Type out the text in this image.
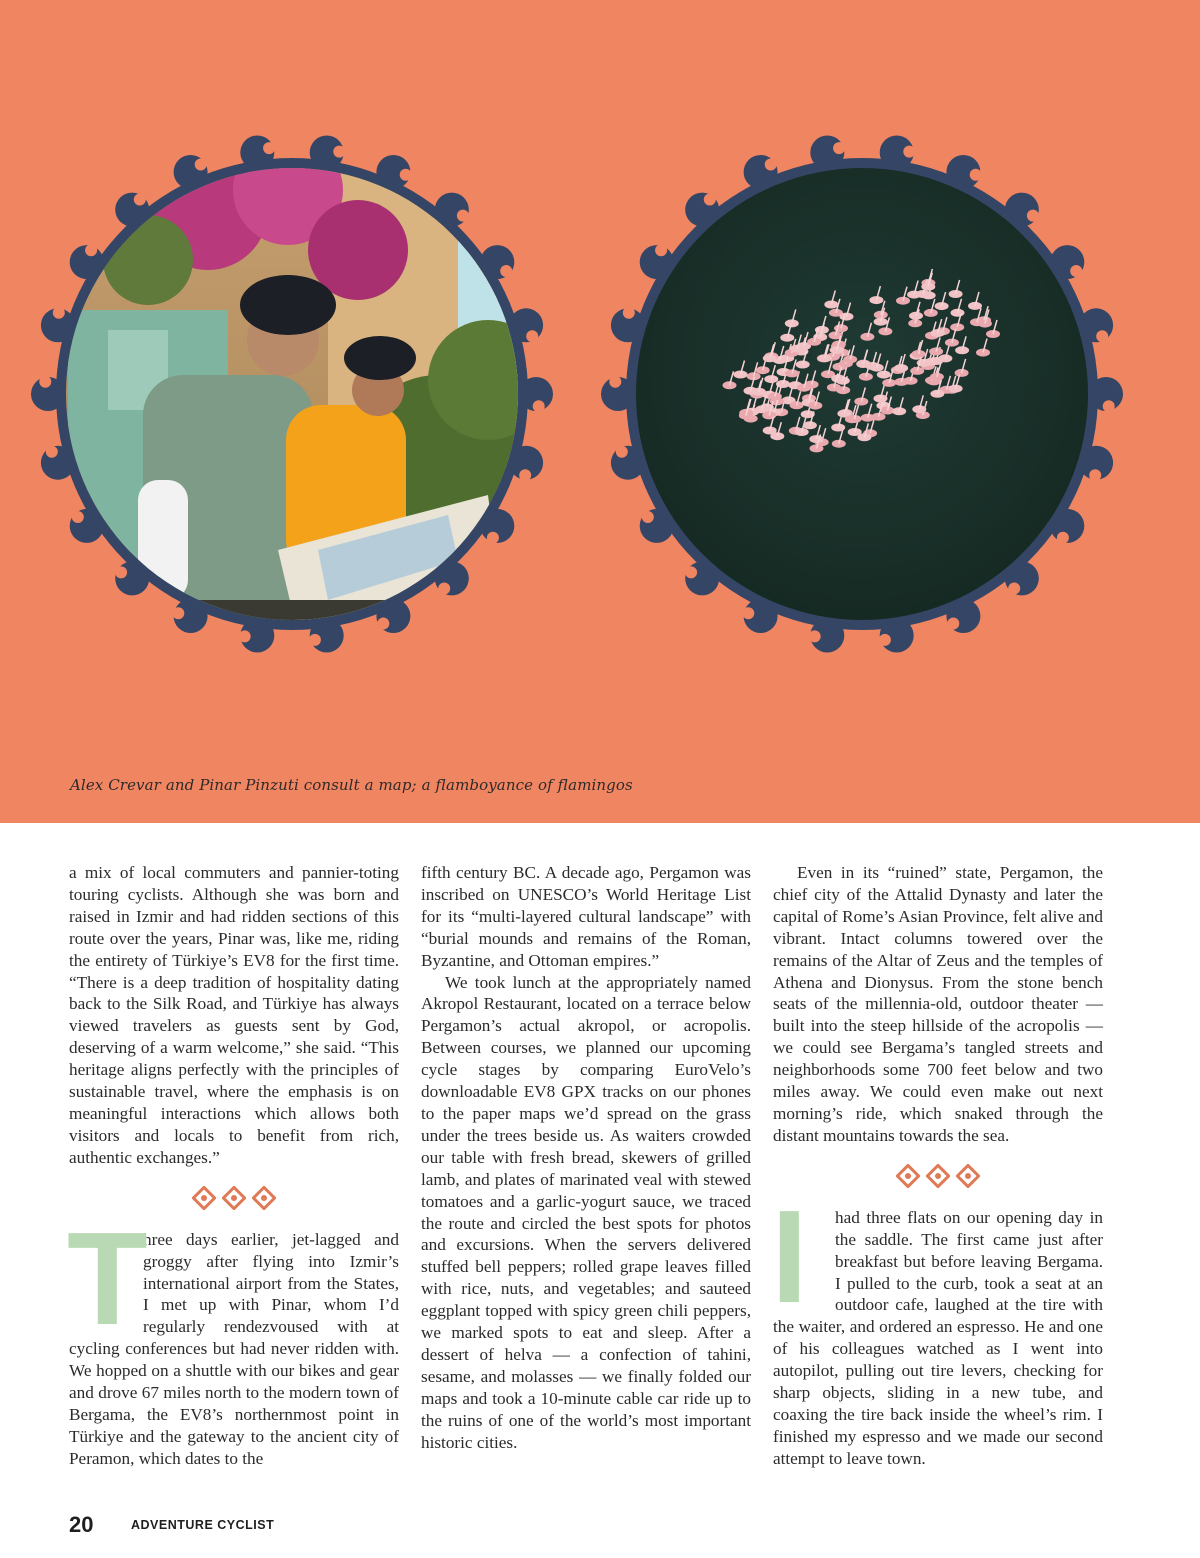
Alex Crevar and Pinar Pinzuti consult a map; a flamboyance of flamingos

a mix of local commuters and pannier-toting touring cyclists. Although she was born and raised in Izmir and had ridden sections of this route over the years, Pinar was, like me, riding the entirety of Türkiye’s EV8 for the first time. “There is a deep tradition of hospitality dating back to the Silk Road, and Türkiye has always viewed travelers as guests sent by God, deserving of a warm welcome,” she said. “This heritage aligns perfectly with the principles of sustainable travel, where the emphasis is on meaningful interactions which allows both visitors and locals to benefit from rich, authentic exchanges.”

T

hree days earlier, jet-lagged and groggy after flying into Izmir’s international airport from the States, I met up with Pinar, whom I’d regularly rendezvoused with at cycling conferences but had never ridden with. We hopped on a shuttle with our bikes and gear and drove 67 miles north to the modern town of Bergama, the EV8’s northernmost point in Türkiye and the gateway to the ancient city of Peramon, which dates to the

fifth century BC. A decade ago, Pergamon was inscribed on UNESCO’s World Heritage List for its “multi-layered cultural landscape” with “burial mounds and remains of the Roman, Byzantine, and Ottoman empires.”

We took lunch at the appropriately named Akropol Restaurant, located on a terrace below Pergamon’s actual akropol, or acropolis. Between courses, we planned our upcoming cycle stages by comparing EuroVelo’s downloadable EV8 GPX tracks on our phones to the paper maps we’d spread on the grass under the trees beside us. As waiters crowded our table with fresh bread, skewers of grilled lamb, and plates of marinated veal with stewed tomatoes and a garlic-yogurt sauce, we traced the route and circled the best spots for photos and excursions. When the servers delivered stuffed bell peppers; rolled grape leaves filled with rice, nuts, and vegetables; and sauteed eggplant topped with spicy green chili peppers, we marked spots to eat and sleep. After a dessert of helva — a confection of tahini, sesame, and molasses — we finally folded our maps and took a 10-minute cable car ride up to the ruins of one of the world’s most important historic cities.

Even in its “ruined” state, Pergamon, the chief city of the Attalid Dynasty and later the capital of Rome’s Asian Province, felt alive and vibrant. Intact columns towered over the remains of the Altar of Zeus and the temples of Athena and Dionysus. From the stone bench seats of the millennia-old, outdoor theater — built into the steep hillside of the acropolis — we could see Bergama’s tangled streets and neighborhoods some 700 feet below and two miles away. We could even make out next morning’s ride, which snaked through the distant mountains towards the sea.

I	had three flats on our opening day in the saddle. The first came just after breakfast but before leaving Bergama. I pulled to the curb, took a seat at an outdoor cafe, laughed at the tire with the waiter, and ordered an espresso. He and one of his colleagues watched as I went into autopilot, pulling out tire levers, checking for sharp objects, sliding in a new tube, and coaxing the tire back inside the wheel’s rim. I finished my espresso and we made our second attempt to leave town.

20	ADVENTURE CYCLIST
